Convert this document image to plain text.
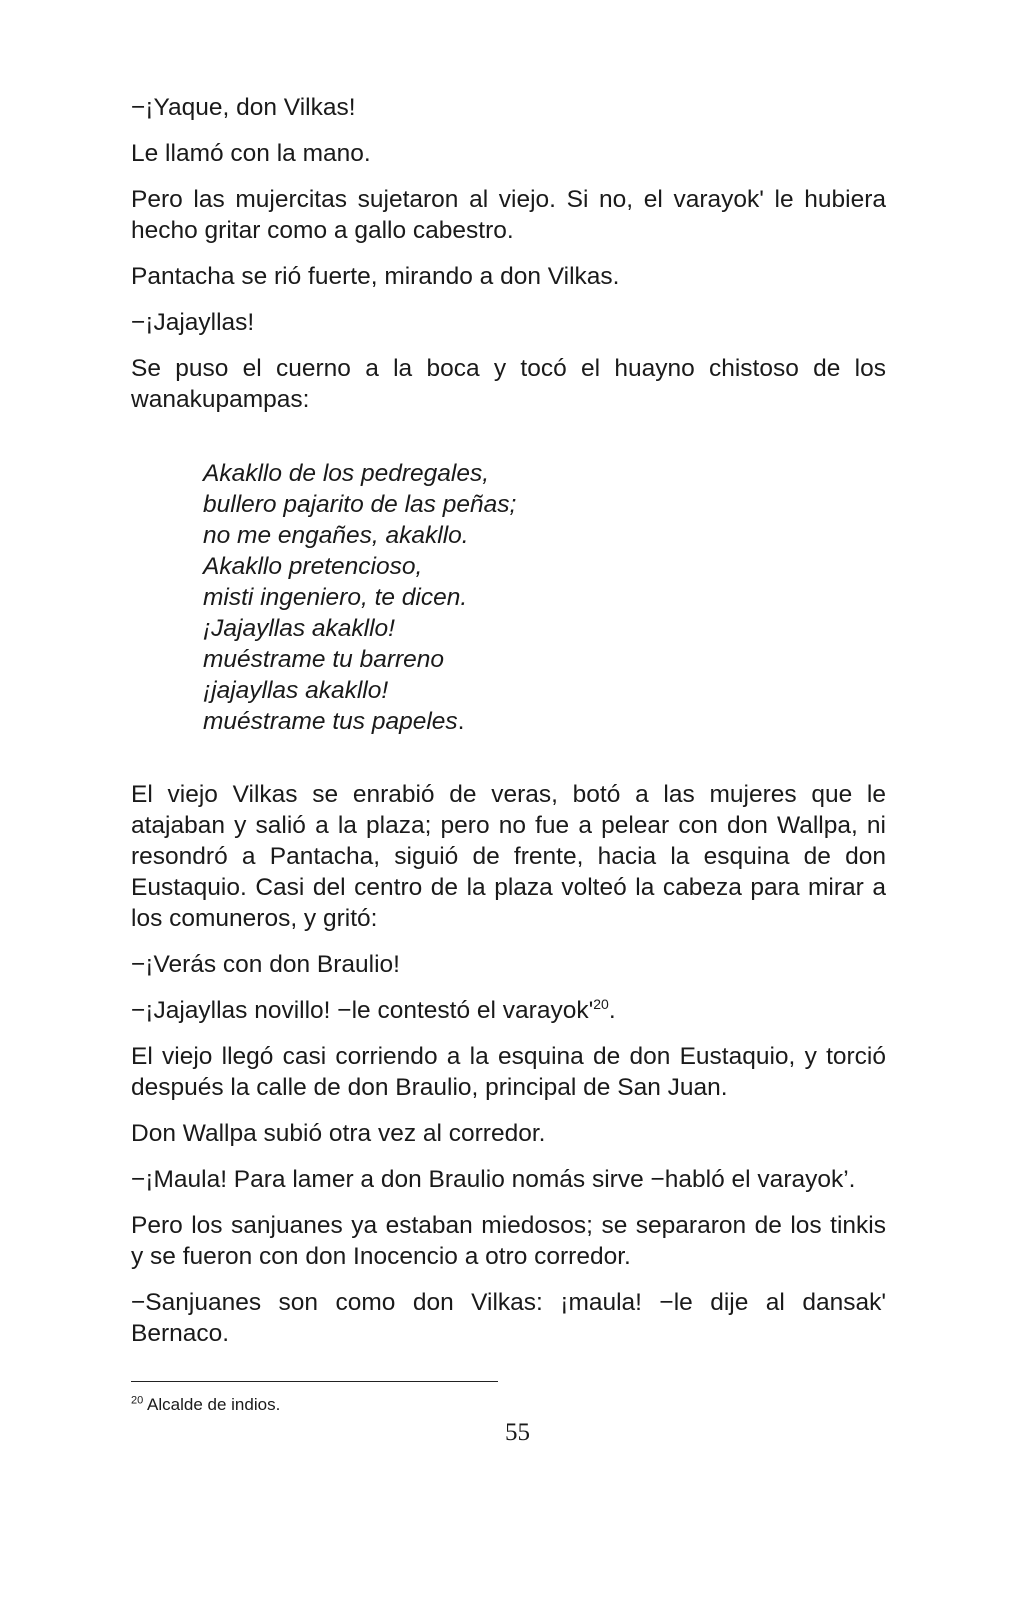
−¡Yaque, don Vilkas!

Le llamó con la mano.

Pero las mujercitas sujetaron al viejo. Si no, el varayok' le hubiera hecho gritar como a gallo cabestro.

Pantacha se rió fuerte, mirando a don Vilkas.

−¡Jajayllas!

Se puso el cuerno a la boca y tocó el huayno chistoso de los wanakupampas:

Akakllo de los pedregales,
bullero pajarito de las peñas;
no me engañes, akakllo.
Akakllo pretencioso,
misti ingeniero, te dicen.
¡Jajayllas akakllo!
muéstrame tu barreno
¡jajayllas akakllo!
muéstrame tus papeles.

El viejo Vilkas se enrabió de veras, botó a las mujeres que le atajaban y salió a la plaza; pero no fue a pelear con don Wallpa, ni resondró a Pantacha, siguió de frente, hacia la esquina de don Eustaquio. Casi del centro de la plaza volteó la cabeza para mirar a los comuneros, y gritó:

−¡Verás con don Braulio!

−¡Jajayllas novillo! −le contestó el varayok'$^{20}$.

El viejo llegó casi corriendo a la esquina de don Eustaquio, y torció después la calle de don Braulio, principal de San Juan.

Don Wallpa subió otra vez al corredor.

−¡Maula! Para lamer a don Braulio nomás sirve −habló el varayok’.

Pero los sanjuanes ya estaban miedosos; se separaron de los tinkis y se fueron con don Inocencio a otro corredor.

−Sanjuanes son como don Vilkas: ¡maula! −le dije al dansak' Bernaco.

$^{20}$ Alcalde de indios.
55
